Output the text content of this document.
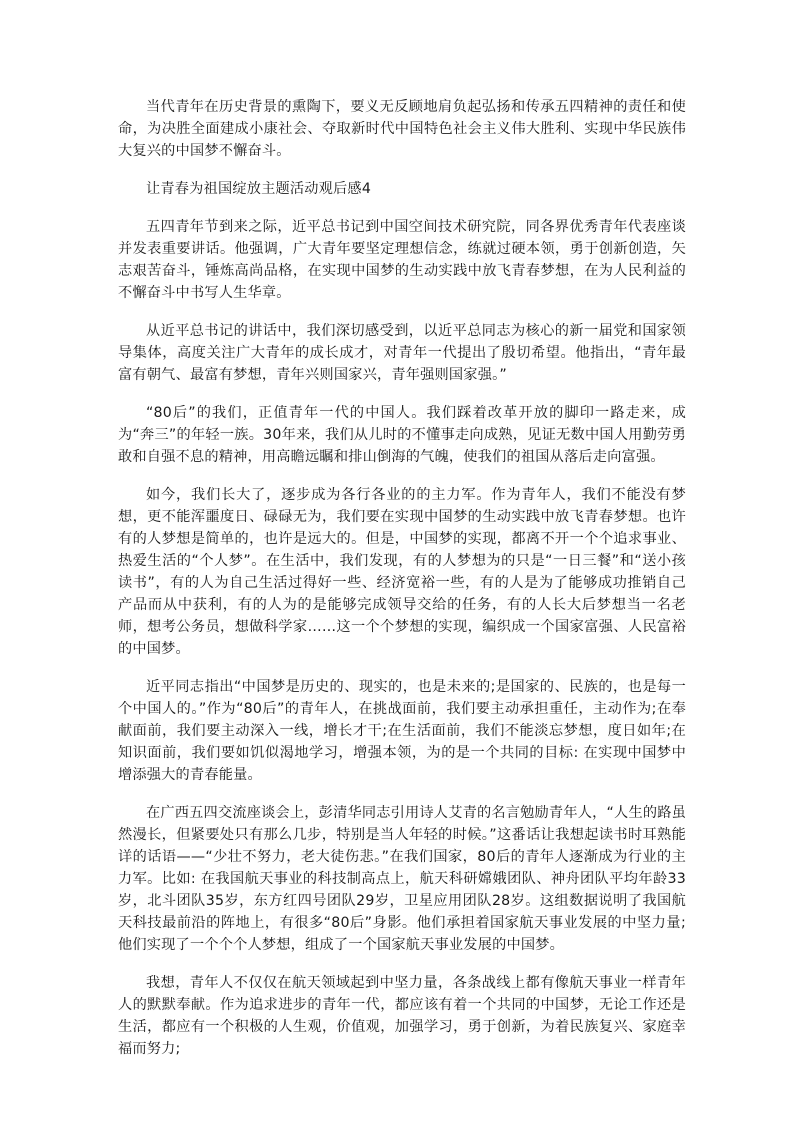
当代青年在历史背景的熏陶下，要义无反顾地肩负起弘扬和传承五四精神的责任和使命，为决胜全面建成小康社会、夺取新时代中国特色社会主义伟大胜利、实现中华民族伟大复兴的中国梦不懈奋斗。

让青春为祖国绽放主题活动观后感4

五四青年节到来之际，近平总书记到中国空间技术研究院，同各界优秀青年代表座谈并发表重要讲话。他强调，广大青年要坚定理想信念，练就过硬本领，勇于创新创造，矢志艰苦奋斗，锤炼高尚品格，在实现中国梦的生动实践中放飞青春梦想，在为人民利益的不懈奋斗中书写人生华章。

从近平总书记的讲话中，我们深切感受到，以近平总同志为核心的新一届党和国家领导集体，高度关注广大青年的成长成才，对青年一代提出了殷切希望。他指出，“青年最富有朝气、最富有梦想，青年兴则国家兴，青年强则国家强。”

“80后”的我们，正值青年一代的中国人。我们踩着改革开放的脚印一路走来，成为“奔三”的年轻一族。30年来，我们从儿时的不懂事走向成熟，见证无数中国人用勤劳勇敢和自强不息的精神，用高瞻远瞩和排山倒海的气魄，使我们的祖国从落后走向富强。

如今，我们长大了，逐步成为各行各业的的主力军。作为青年人，我们不能没有梦想，更不能浑噩度日、碌碌无为，我们要在实现中国梦的生动实践中放飞青春梦想。也许有的人梦想是简单的，也许是远大的。但是，中国梦的实现，都离不开一个个追求事业、热爱生活的“个人梦”。在生活中，我们发现，有的人梦想为的只是“一日三餐”和“送小孩读书”，有的人为自己生活过得好一些、经济宽裕一些，有的人是为了能够成功推销自己产品而从中获利，有的人为的是能够完成领导交给的任务，有的人长大后梦想当一名老师，想考公务员，想做科学家……这一个个梦想的实现，编织成一个国家富强、人民富裕的中国梦。

近平同志指出“中国梦是历史的、现实的，也是未来的;是国家的、民族的，也是每一个中国人的。”作为“80后”的青年人，在挑战面前，我们要主动承担重任，主动作为;在奉献面前，我们要主动深入一线，增长才干;在生活面前，我们不能淡忘梦想，度日如年;在知识面前，我们要如饥似渴地学习，增强本领，为的是一个共同的目标: 在实现中国梦中增添强大的青春能量。

在广西五四交流座谈会上，彭清华同志引用诗人艾青的名言勉励青年人，“人生的路虽然漫长，但紧要处只有那么几步，特别是当人年轻的时候。”这番话让我想起读书时耳熟能详的话语——“少壮不努力，老大徒伤悲。”在我们国家，80后的青年人逐渐成为行业的主力军。比如: 在我国航天事业的科技制高点上，航天科研嫦娥团队、神舟团队平均年龄33岁，北斗团队35岁，东方红四号团队29岁，卫星应用团队28岁。这组数据说明了我国航天科技最前沿的阵地上，有很多“80后”身影。他们承担着国家航天事业发展的中坚力量;他们实现了一个个个人梦想，组成了一个国家航天事业发展的中国梦。

我想，青年人不仅仅在航天领域起到中坚力量，各条战线上都有像航天事业一样青年人的默默奉献。作为追求进步的青年一代，都应该有着一个共同的中国梦，无论工作还是生活，都应有一个积极的人生观，价值观，加强学习，勇于创新，为着民族复兴、家庭幸福而努力;
